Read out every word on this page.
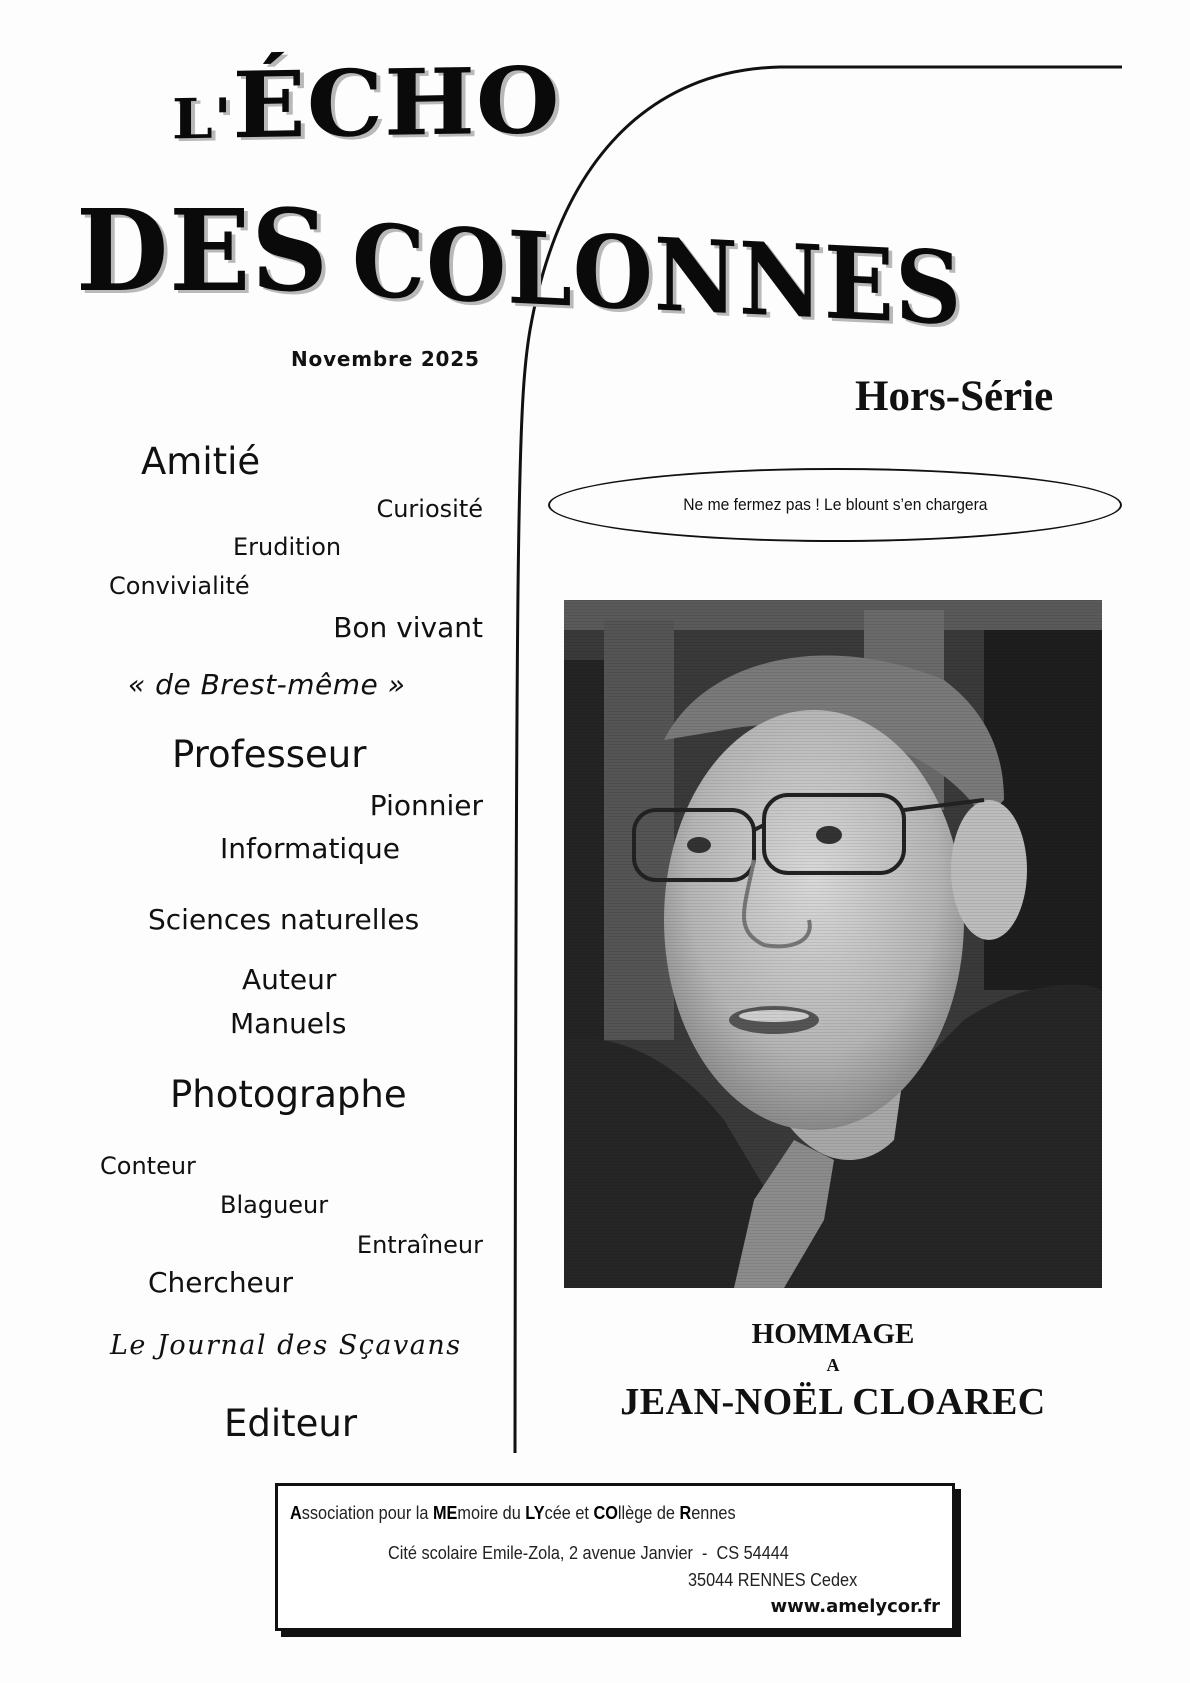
L'ÉCHO
DES COLONNES
Novembre 2025
Hors-Série
Ne me fermez pas ! Le blount s’en chargera
Amitié
Curiosité
Erudition
Convivialité
Bon vivant
« de Brest-même »
Professeur
Pionnier
Informatique
Sciences naturelles
Auteur
Manuels
Photographe
Conteur
Blagueur
Entraîneur
Chercheur
Le Journal des Sçavans
Editeur
HOMMAGE
A
JEAN-NOËL CLOAREC
Association pour la MEmoire du LYcée et COllège de Rennes
Cité scolaire Emile-Zola, 2 avenue Janvier  -  CS 54444
35044 RENNES Cedex
www.amelycor.fr
